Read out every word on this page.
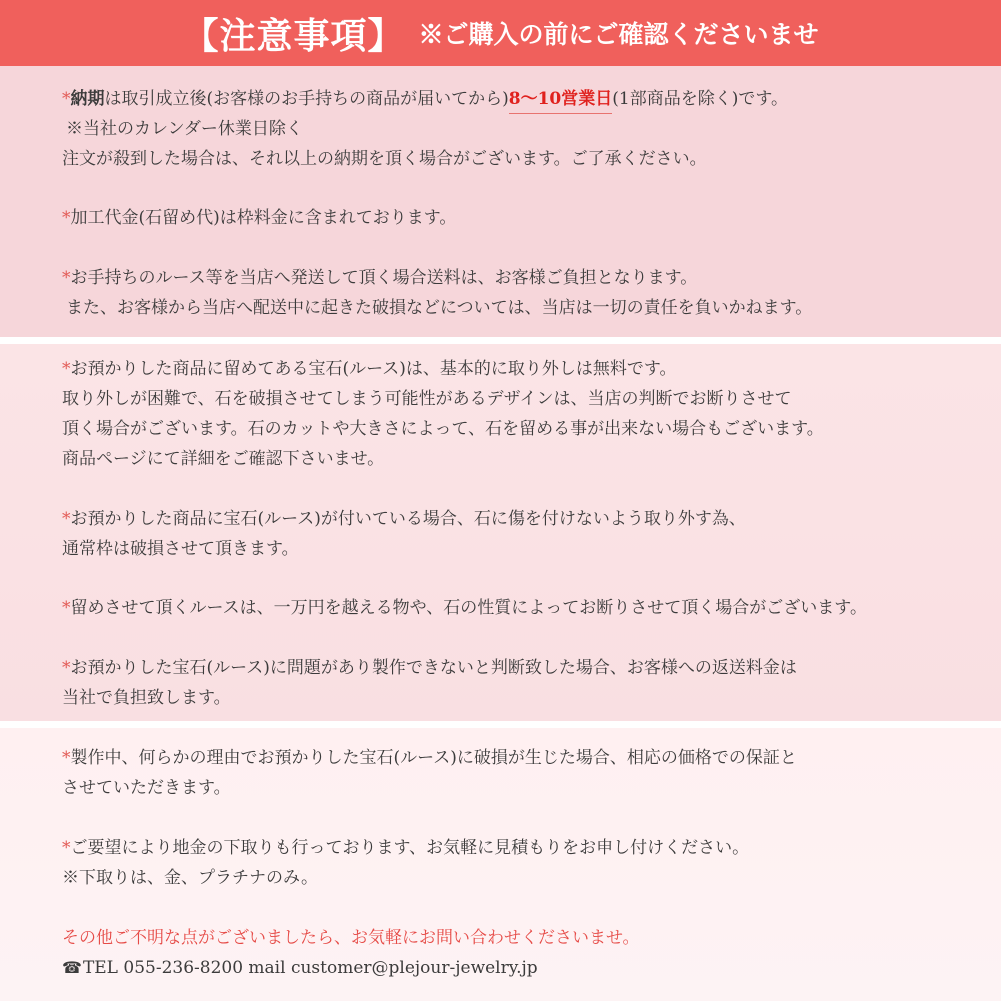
【注意事項】 ※ご購入の前にご確認くださいませ
*納期は取引成立後(お客様のお手持ちの商品が届いてから)8〜10営業日(1部商品を除く)です。
※当社のカレンダー休業日除く
注文が殺到した場合は、それ以上の納期を頂く場合がございます。ご了承ください。
*加工代金(石留め代)は枠料金に含まれております。
*お手持ちのルース等を当店へ発送して頂く場合送料は、お客様ご負担となります。
また、お客様から当店へ配送中に起きた破損などについては、当店は一切の責任を負いかねます。
*お預かりした商品に留めてある宝石(ルース)は、基本的に取り外しは無料です。
取り外しが困難で、石を破損させてしまう可能性があるデザインは、当店の判断でお断りさせて
頂く場合がございます。石のカットや大きさによって、石を留める事が出来ない場合もございます。
商品ページにて詳細をご確認下さいませ。
*お預かりした商品に宝石(ルース)が付いている場合、石に傷を付けないよう取り外す為、
通常枠は破損させて頂きます。
*留めさせて頂くルースは、一万円を越える物や、石の性質によってお断りさせて頂く場合がございます。
*お預かりした宝石(ルース)に問題があり製作できないと判断致した場合、お客様への返送料金は
当社で負担致します。
*製作中、何らかの理由でお預かりした宝石(ルース)に破損が生じた場合、相応の価格での保証と
させていただきます。
*ご要望により地金の下取りも行っております、お気軽に見積もりをお申し付けください。
※下取りは、金、プラチナのみ。
その他ご不明な点がございましたら、お気軽にお問い合わせくださいませ。
☎TEL 055-236-8200 mail customer@plejour-jewelry.jp
